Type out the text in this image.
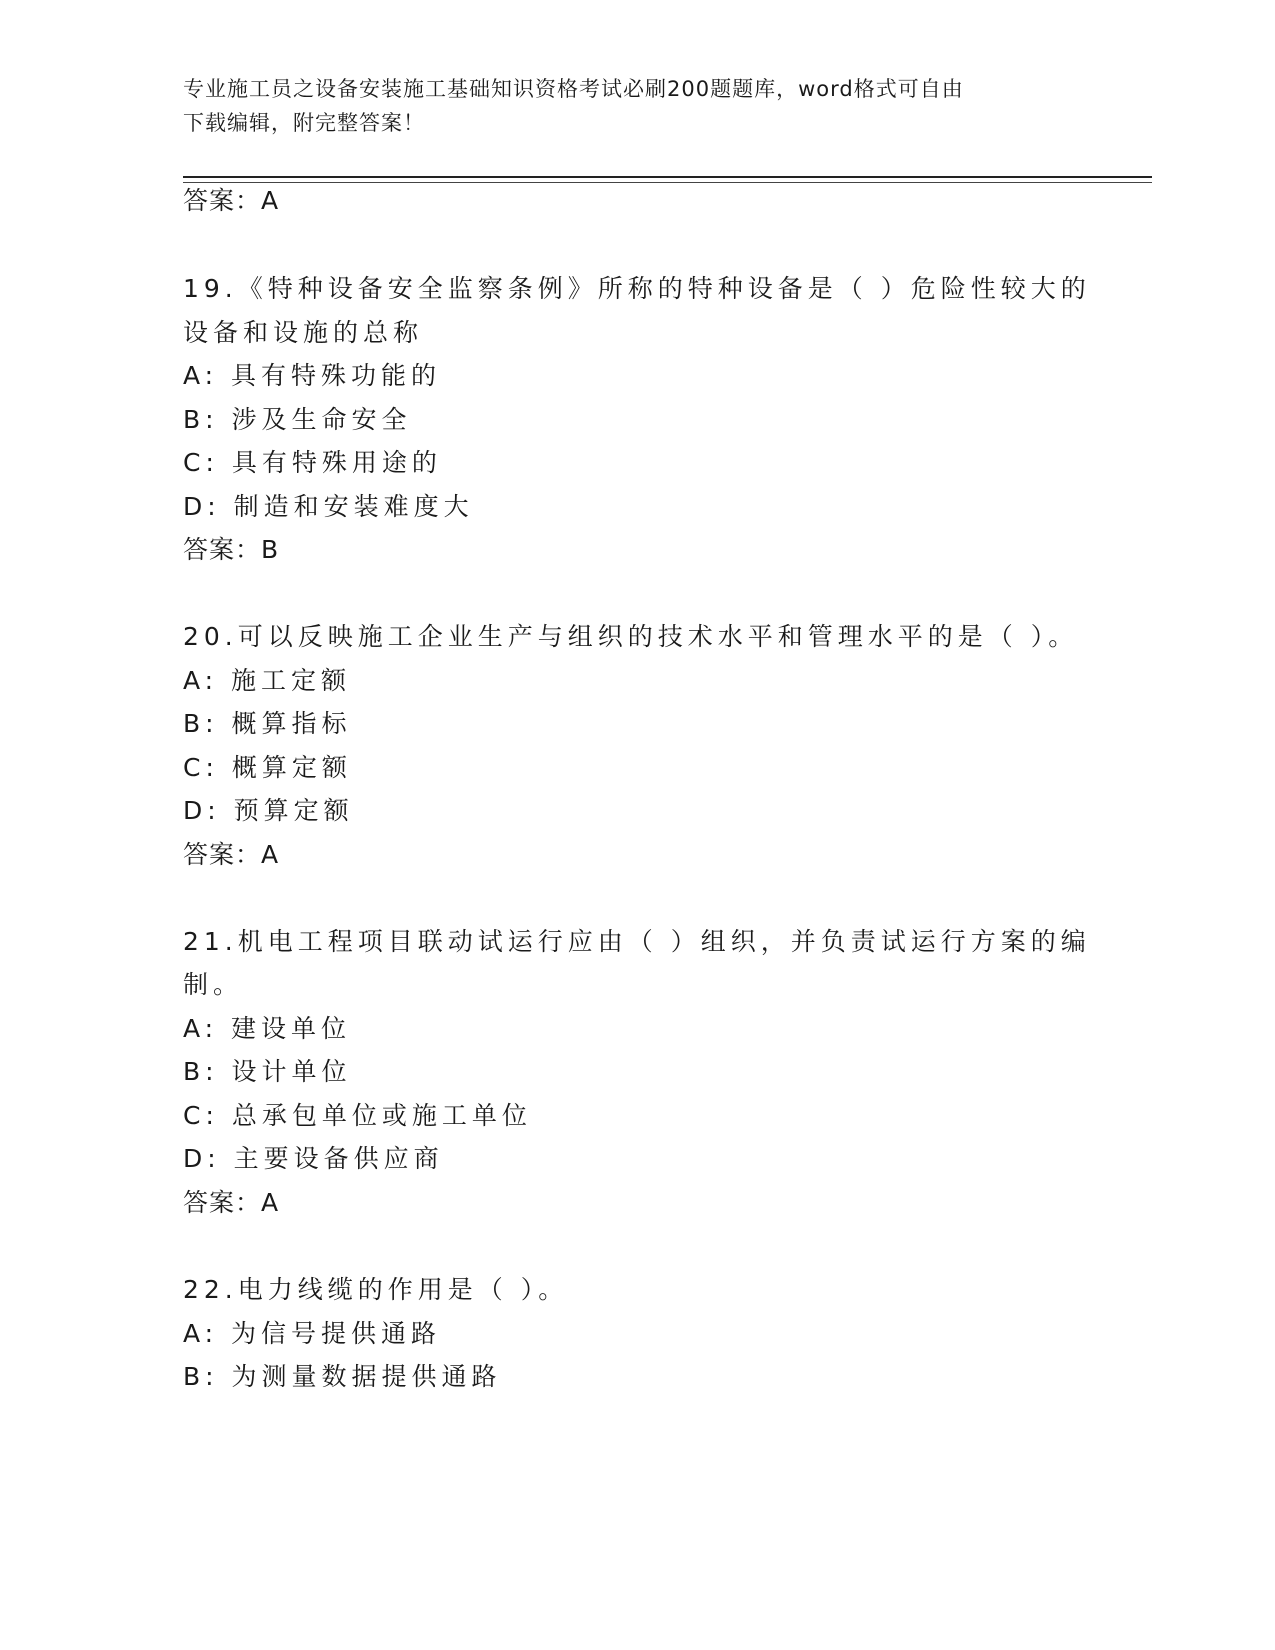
专业施工员之设备安装施工基础知识资格考试必刷200题题库，word格式可自由
下载编辑，附完整答案！
答案：A
19.《特种设备安全监察条例》所称的特种设备是（ ）危险性较大的
设备和设施的总称
A: 具有特殊功能的
B: 涉及生命安全
C: 具有特殊用途的
D: 制造和安装难度大
答案：B
20.可以反映施工企业生产与组织的技术水平和管理水平的是（ ）。
A: 施工定额
B: 概算指标
C: 概算定额
D: 预算定额
答案：A
21.机电工程项目联动试运行应由（ ）组织，并负责试运行方案的编
制。
A: 建设单位
B: 设计单位
C: 总承包单位或施工单位
D: 主要设备供应商
答案：A
22.电力线缆的作用是（ ）。
A: 为信号提供通路
B: 为测量数据提供通路
